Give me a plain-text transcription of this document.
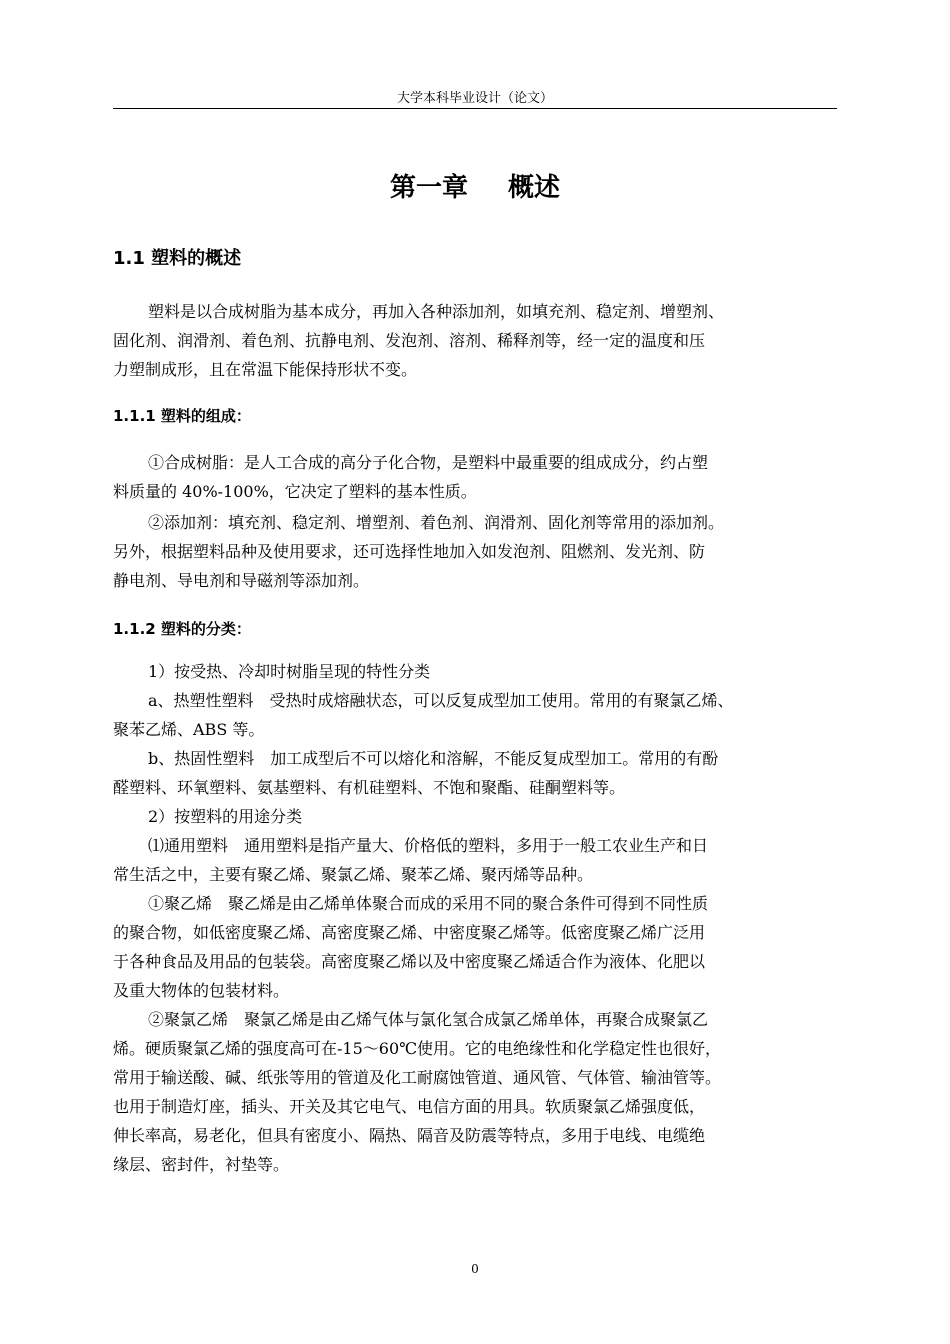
大学本科毕业设计（论文）
第一章 概述
1.1 塑料的概述
塑料是以合成树脂为基本成分，再加入各种添加剂，如填充剂、稳定剂、增塑剂、
固化剂、润滑剂、着色剂、抗静电剂、发泡剂、溶剂、稀释剂等，经一定的温度和压
力塑制成形，且在常温下能保持形状不变。
1.1.1 塑料的组成：
①合成树脂：是人工合成的高分子化合物，是塑料中最重要的组成成分，约占塑
料质量的 40%-100%，它决定了塑料的基本性质。
②添加剂：填充剂、稳定剂、增塑剂、着色剂、润滑剂、固化剂等常用的添加剂。
另外，根据塑料品种及使用要求，还可选择性地加入如发泡剂、阻燃剂、发光剂、防
静电剂、导电剂和导磁剂等添加剂。
1.1.2 塑料的分类：
1）按受热、冷却时树脂呈现的特性分类
a、热塑性塑料　受热时成熔融状态，可以反复成型加工使用。常用的有聚氯乙烯、
聚苯乙烯、ABS 等。
b、热固性塑料　加工成型后不可以熔化和溶解，不能反复成型加工。常用的有酚
醛塑料、环氧塑料、氨基塑料、有机硅塑料、不饱和聚酯、硅酮塑料等。
2）按塑料的用途分类
⑴通用塑料　通用塑料是指产量大、价格低的塑料，多用于一般工农业生产和日
常生活之中，主要有聚乙烯、聚氯乙烯、聚苯乙烯、聚丙烯等品种。
①聚乙烯　聚乙烯是由乙烯单体聚合而成的采用不同的聚合条件可得到不同性质
的聚合物，如低密度聚乙烯、高密度聚乙烯、中密度聚乙烯等。低密度聚乙烯广泛用
于各种食品及用品的包装袋。高密度聚乙烯以及中密度聚乙烯适合作为液体、化肥以
及重大物体的包装材料。
②聚氯乙烯　聚氯乙烯是由乙烯气体与氯化氢合成氯乙烯单体，再聚合成聚氯乙
烯。硬质聚氯乙烯的强度高可在-15～60℃使用。它的电绝缘性和化学稳定性也很好，
常用于输送酸、碱、纸张等用的管道及化工耐腐蚀管道、通风管、气体管、输油管等。
也用于制造灯座，插头、开关及其它电气、电信方面的用具。软质聚氯乙烯强度低，
伸长率高，易老化，但具有密度小、隔热、隔音及防震等特点，多用于电线、电缆绝
缘层、密封件，衬垫等。
0
